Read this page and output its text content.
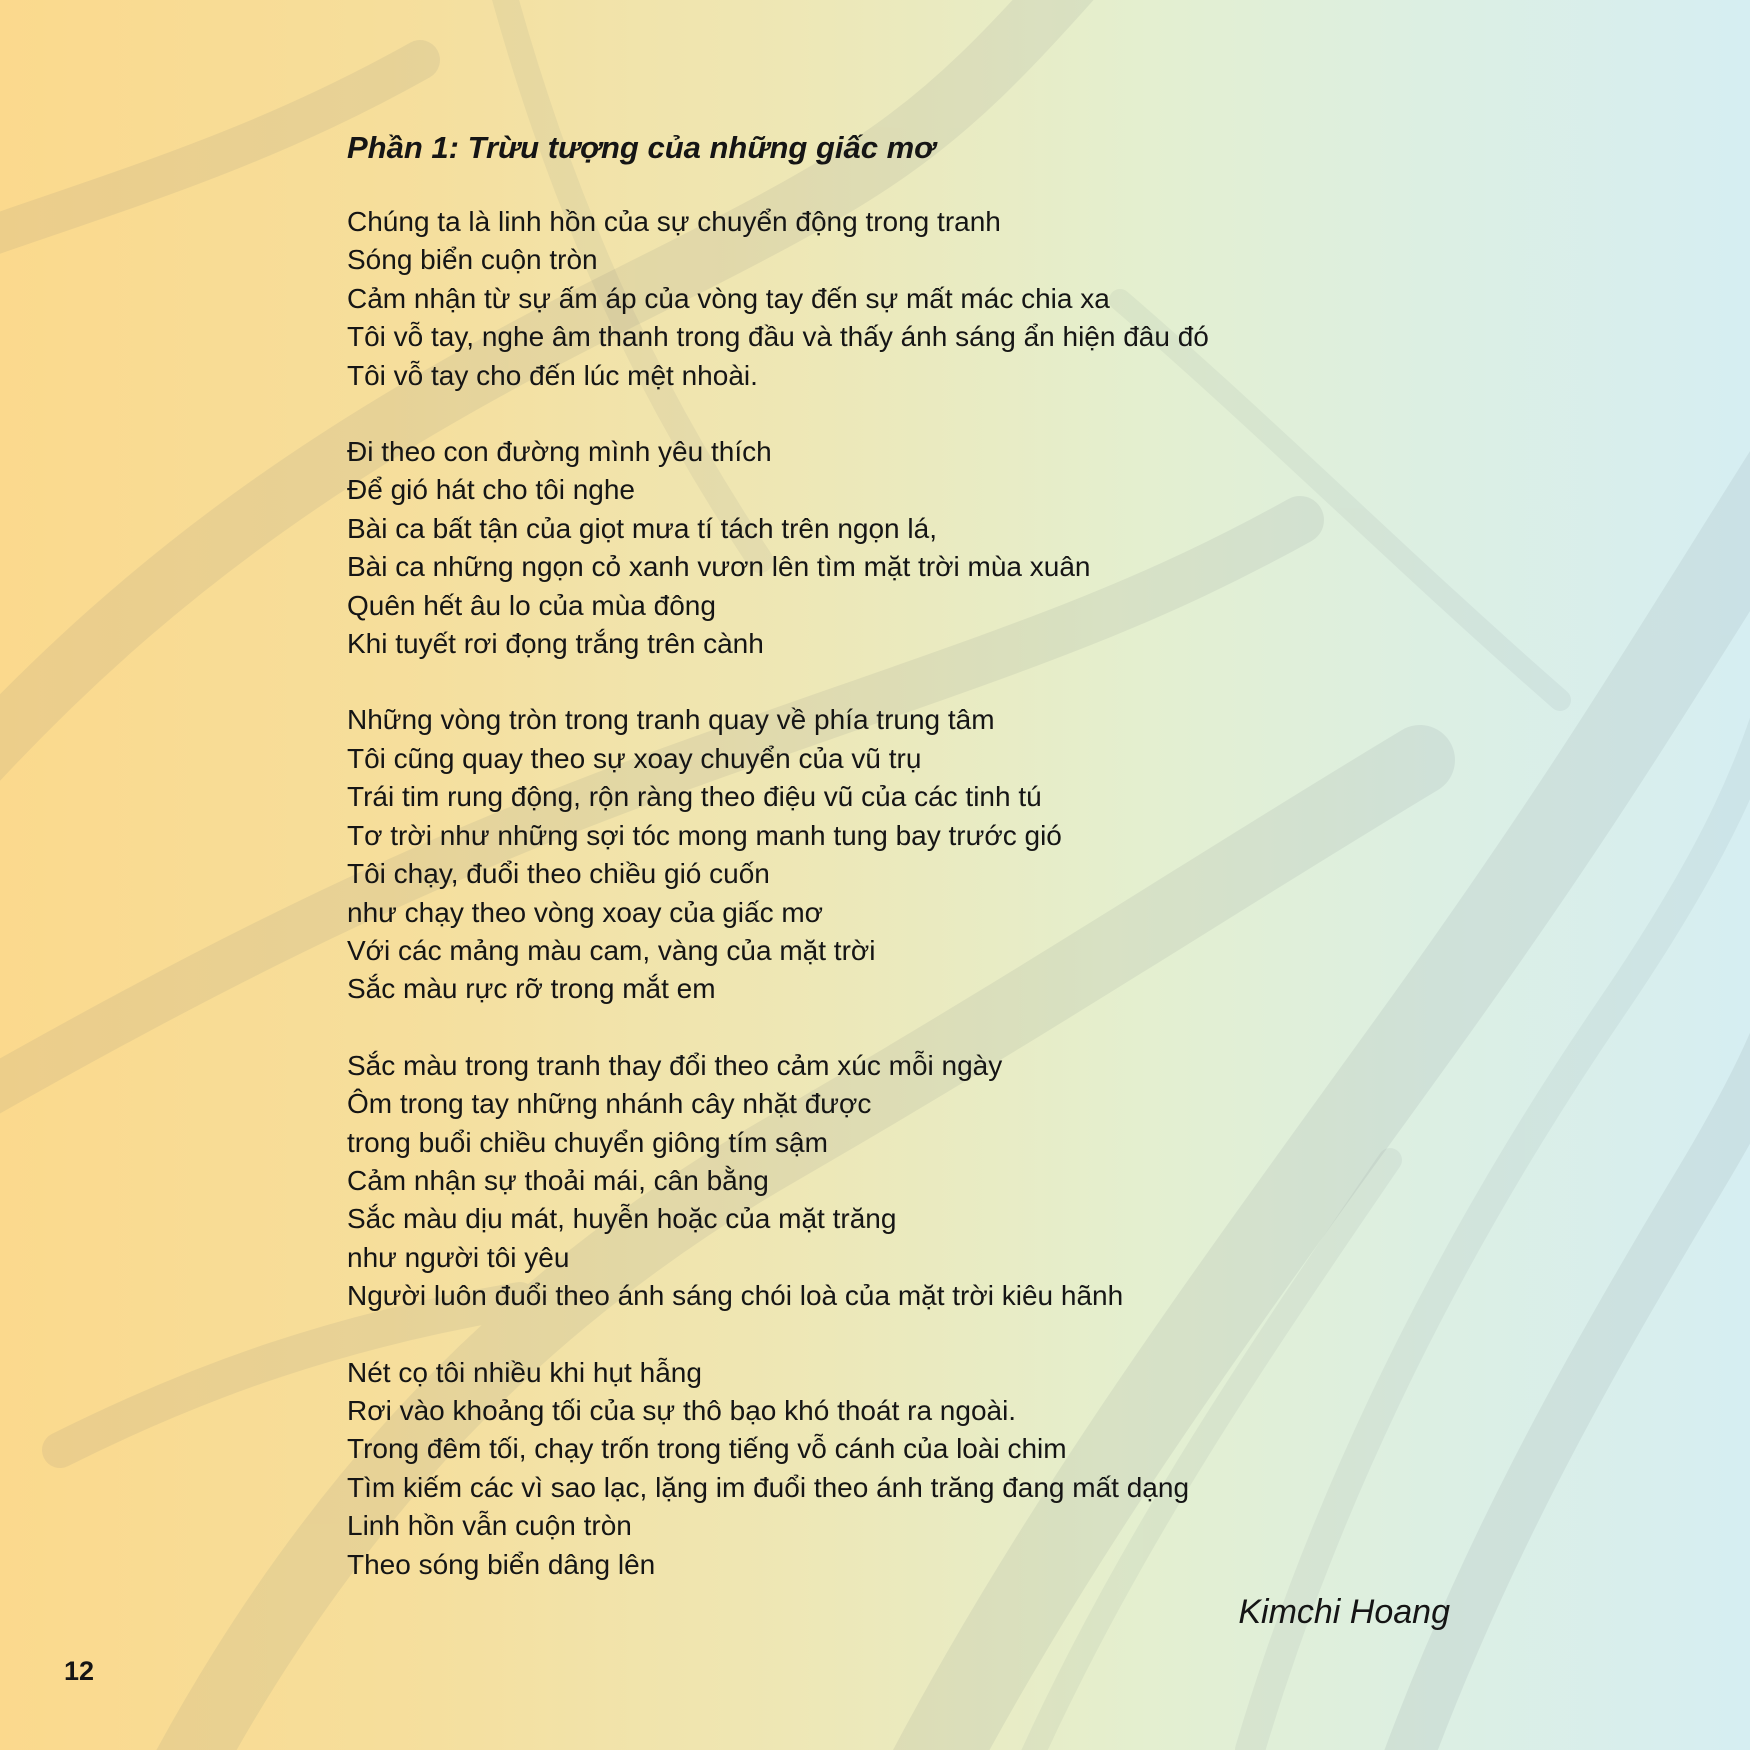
Phần 1: Trừu tượng của những giấc mơ
Chúng ta là linh hồn của sự chuyển động trong tranh
Sóng biển cuộn tròn
Cảm nhận từ sự ấm áp của vòng tay đến sự mất mác chia xa
Tôi vỗ tay, nghe âm thanh trong đầu và thấy ánh sáng ẩn hiện đâu đó
Tôi vỗ tay cho đến lúc mệt nhoài.
Đi theo con đường mình yêu thích
Để gió hát cho tôi nghe
Bài ca bất tận của giọt mưa tí tách trên ngọn lá,
Bài ca những ngọn cỏ xanh vươn lên tìm mặt trời mùa xuân
Quên hết âu lo của mùa đông
Khi tuyết rơi đọng trắng trên cành
Những vòng tròn trong tranh quay về phía trung tâm
Tôi cũng quay theo sự xoay chuyển của vũ trụ
Trái tim rung động, rộn ràng theo điệu vũ của các tinh tú
Tơ trời như những sợi tóc mong manh tung bay trước gió
Tôi chạy, đuổi theo chiều gió cuốn
như chạy theo vòng xoay của giấc mơ
Với các mảng màu cam, vàng của mặt trời
Sắc màu rực rỡ trong mắt em
Sắc màu trong tranh thay đổi theo cảm xúc mỗi ngày
Ôm trong tay những nhánh cây nhặt được
trong buổi chiều chuyển giông tím sậm
Cảm nhận sự thoải mái, cân bằng
Sắc màu dịu mát, huyễn hoặc của mặt trăng
như người tôi yêu
Người luôn đuổi theo ánh sáng chói loà của mặt trời kiêu hãnh
Nét cọ tôi nhiều khi hụt hẫng
Rơi vào khoảng tối của sự thô bạo khó thoát ra ngoài.
Trong đêm tối, chạy trốn trong tiếng vỗ cánh của loài chim
Tìm kiếm các vì sao lạc, lặng im đuổi theo ánh trăng đang mất dạng
Linh hồn vẫn cuộn tròn
Theo sóng biển dâng lên
Kimchi Hoang
12
